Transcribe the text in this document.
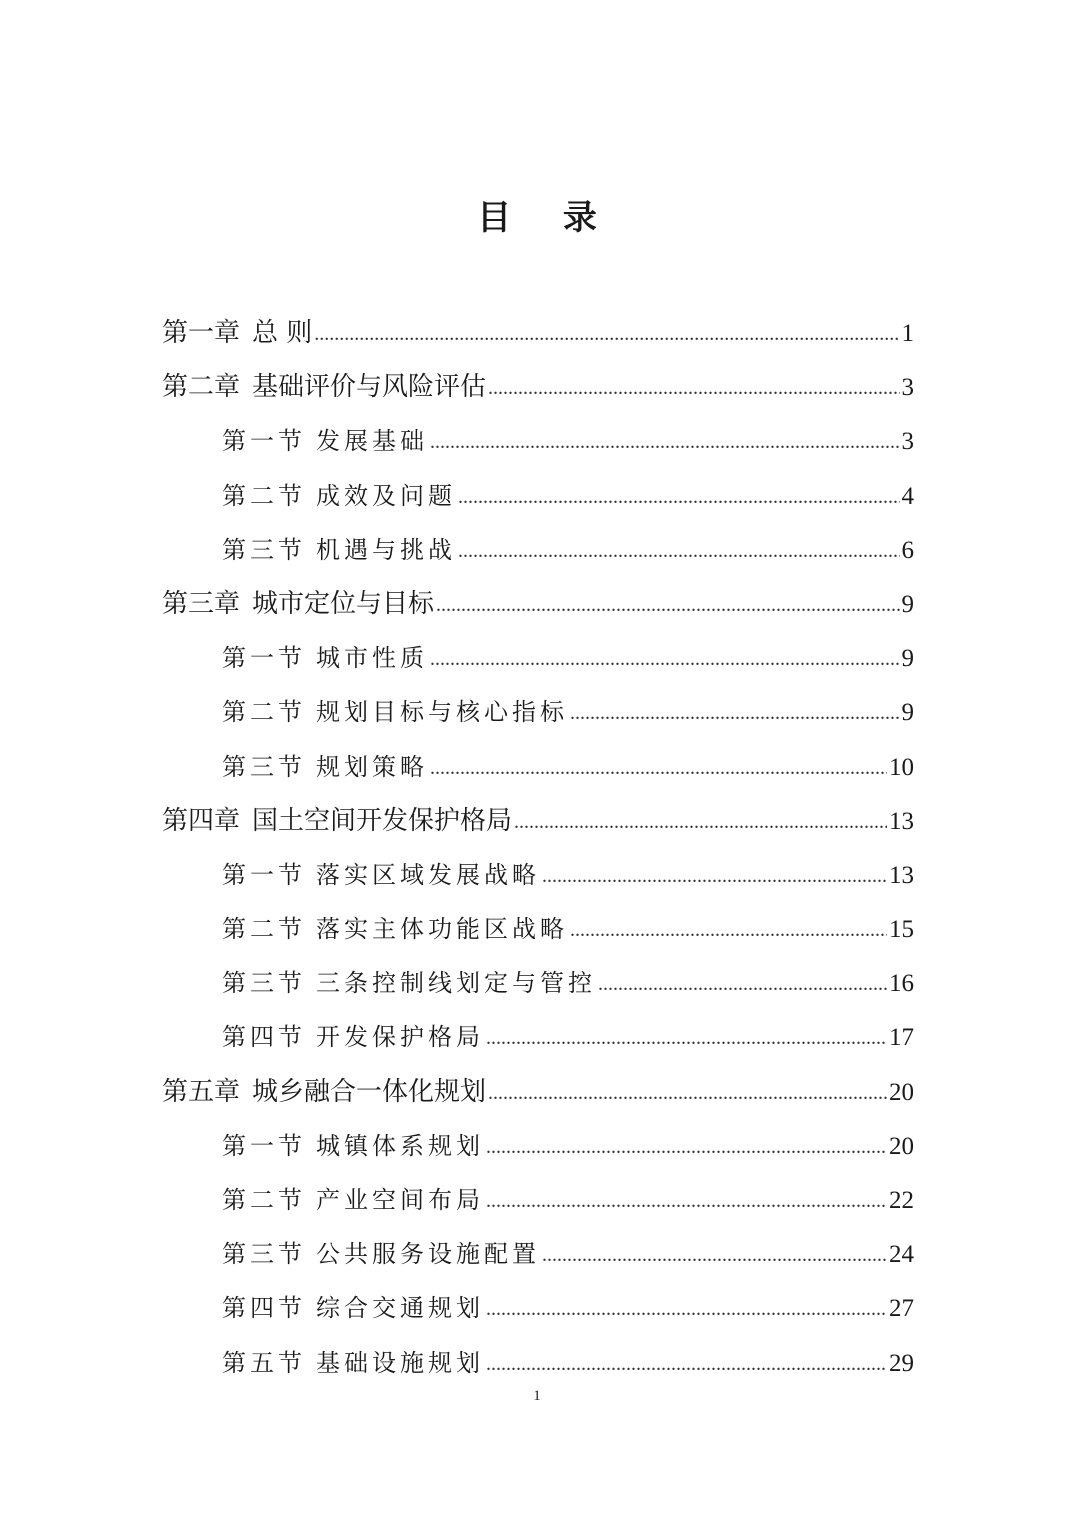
目 录
第一章 总 则 .....	1
第二章 基础评价与风险评估 .....	3
第一节 发展基础 .....	3
第二节 成效及问题 .....	4
第三节 机遇与挑战 .....	6
第三章 城市定位与目标 .....	9
第一节 城市性质 .....	9
第二节 规划目标与核心指标 .....	9
第三节 规划策略 .....	10
第四章 国土空间开发保护格局 .....	13
第一节 落实区域发展战略 .....	13
第二节 落实主体功能区战略 .....	15
第三节 三条控制线划定与管控 .....	16
第四节 开发保护格局 .....	17
第五章 城乡融合一体化规划 .....	20
第一节 城镇体系规划 .....	20
第二节 产业空间布局 .....	22
第三节 公共服务设施配置 .....	24
第四节 综合交通规划 .....	27
第五节 基础设施规划 .....	29
1
